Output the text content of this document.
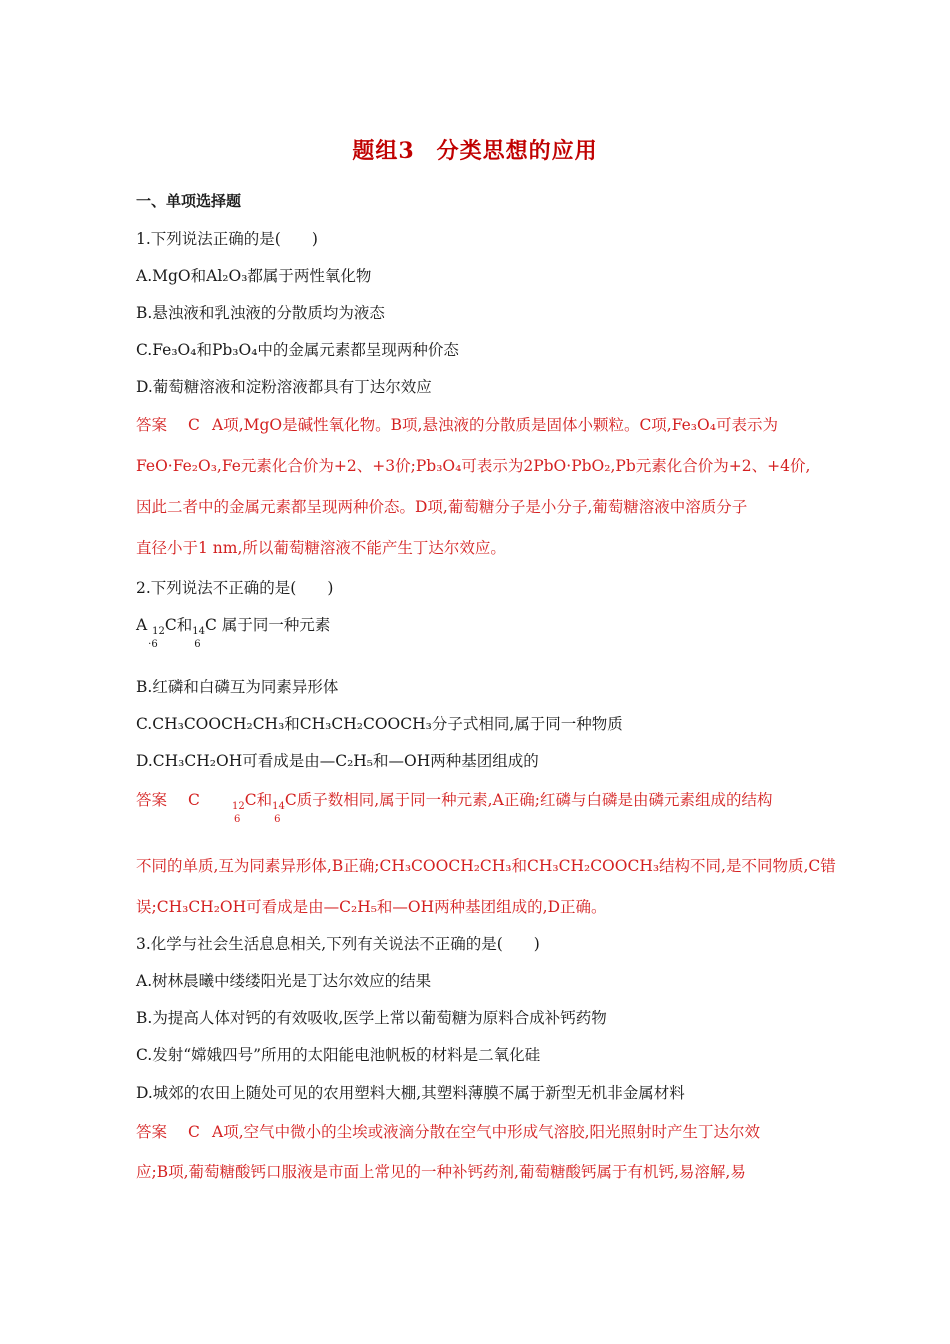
题组3 分类思想的应用
一、单项选择题
1.下列说法正确的是(　　)
A.MgO和Al₂O₃都属于两性氧化物
B.悬浊液和乳浊液的分散质均为液态
C.Fe₃O₄和Pb₃O₄中的金属元素都呈现两种价态
D.葡萄糖溶液和淀粉溶液都具有丁达尔效应
答案 C A项,MgO是碱性氧化物。B项,悬浊液的分散质是固体小颗粒。C项,Fe₃O₄可表示为
FeO·Fe₂O₃,Fe元素化合价为+2、+3价;Pb₃O₄可表示为2PbO·PbO₂,Pb元素化合价为+2、+4价,
因此二者中的金属元素都呈现两种价态。D项,葡萄糖分子是小分子,葡萄糖溶液中溶质分子
直径小于1 nm,所以葡萄糖溶液不能产生丁达尔效应。
2.下列说法不正确的是(　　)
A $_{12}$C
·6
和$_{14}$C
6
属于同一种元素
B.红磷和白磷互为同素异形体
C.CH₃COOCH₂CH₃和CH₃CH₂COOCH₃分子式相同,属于同一种物质
D.CH₃CH₂OH可看成是由—C₂H₅和—OH两种基团组成的
答案 C	$_{12}$C
6
和$_{14}$C
6
质子数相同,属于同一种元素,A正确;红磷与白磷是由磷元素组成的结构
不同的单质,互为同素异形体,B正确;CH₃COOCH₂CH₃和CH₃CH₂COOCH₃结构不同,是不同物质,C错
误;CH₃CH₂OH可看成是由—C₂H₅和—OH两种基团组成的,D正确。
3.化学与社会生活息息相关,下列有关说法不正确的是(　　)
A.树林晨曦中缕缕阳光是丁达尔效应的结果
B.为提高人体对钙的有效吸收,医学上常以葡萄糖为原料合成补钙药物
C.发射“嫦娥四号”所用的太阳能电池帆板的材料是二氧化硅
D.城郊的农田上随处可见的农用塑料大棚,其塑料薄膜不属于新型无机非金属材料
答案 C A项,空气中微小的尘埃或液滴分散在空气中形成气溶胶,阳光照射时产生丁达尔效
应;B项,葡萄糖酸钙口服液是市面上常见的一种补钙药剂,葡萄糖酸钙属于有机钙,易溶解,易
